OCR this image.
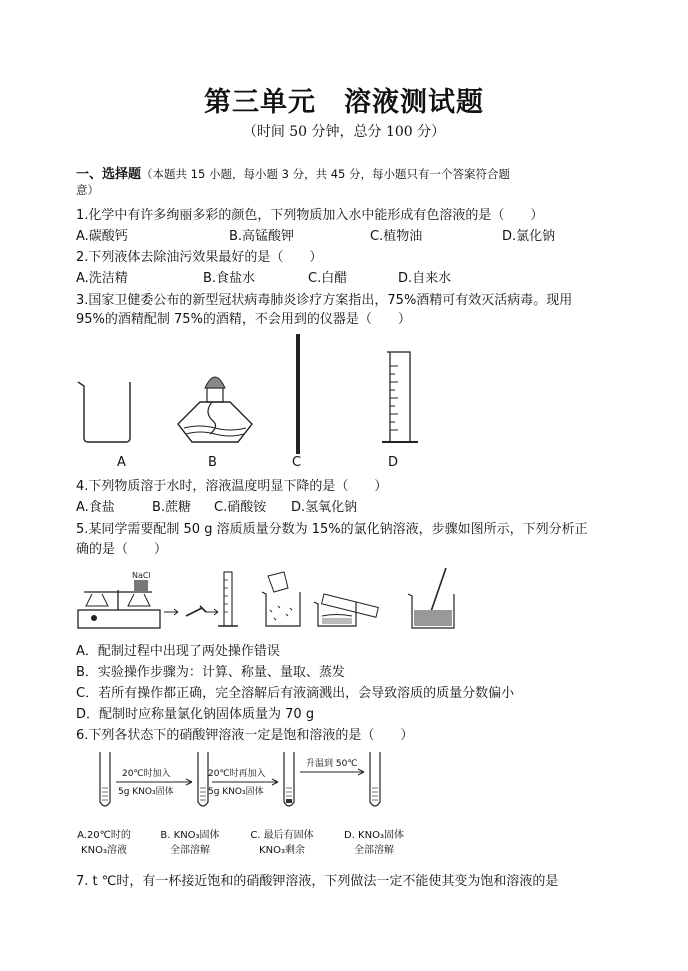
第三单元　溶液测试题
（时间 50 分钟，总分 100 分）
一、选择题（本题共 15 小题，每小题 3 分，共 45 分，每小题只有一个答案符合题
意）
1.化学中有许多绚丽多彩的颜色，下列物质加入水中能形成有色溶液的是（　　）
A.碳酸钙	B.高锰酸钾	C.植物油	D.氯化钠
2.下列液体去除油污效果最好的是（　　）
A.洗洁精	B.食盐水	C.白醋	D.自来水
3.国家卫健委公布的新型冠状病毒肺炎诊疗方案指出，75%酒精可有效灭活病毒。现用
95%的酒精配制 75%的酒精，不会用到的仪器是（　　）
A	B	C	D
4.下列物质溶于水时，溶液温度明显下降的是（　　）
A.食盐	B.蔗糖 C.硝酸铵 D.氢氧化钠
5.某同学需要配制 50 g 溶质质量分数为 15%的氯化钠溶液，步骤如图所示，下列分析正
确的是（　　）
NaCl
A．配制过程中出现了两处操作错误
B．实验操作步骤为：计算、称量、量取、蒸发
C．若所有操作都正确，完全溶解后有液滴溅出，会导致溶质的质量分数偏小
D．配制时应称量氯化钠固体质量为 70 g
6.下列各状态下的硝酸钾溶液一定是饱和溶液的是（　　）
20℃时加入
5g KNO₃固体
20℃时再加入
5g KNO₃固体
升温到 50℃
A.20℃时的
KNO₃溶液
B. KNO₃固体
全部溶解
C. 最后有固体
KNO₃剩余
D. KNO₃固体
全部溶解
7. t ℃时，有一杯接近饱和的硝酸钾溶液，下列做法一定不能使其变为饱和溶液的是
